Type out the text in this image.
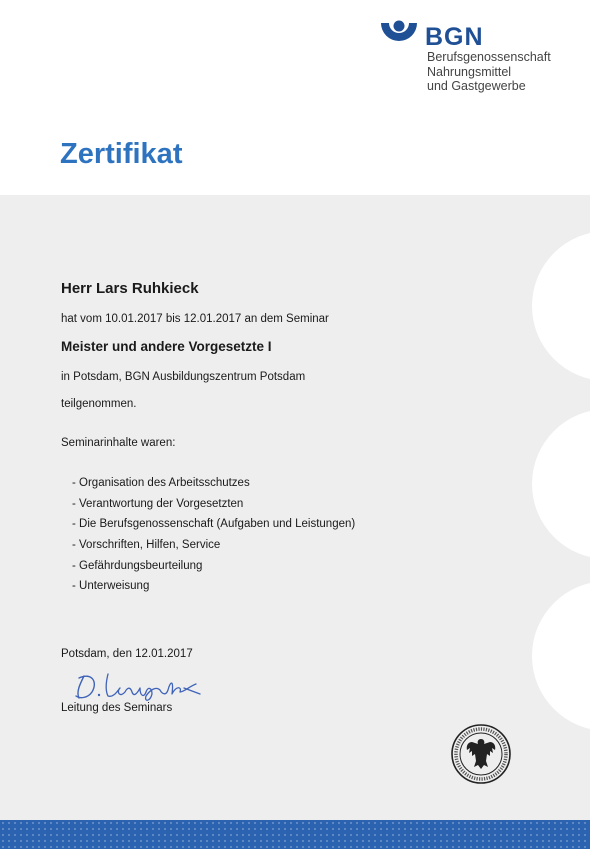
BGN
Berufsgenossenschaft
Nahrungsmittel
und Gastgewerbe
Zertifikat
Herr Lars Ruhkieck
hat vom 10.01.2017 bis 12.01.2017 an dem Seminar
Meister und andere Vorgesetzte I
in Potsdam, BGN Ausbildungszentrum Potsdam
teilgenommen.
Seminarinhalte waren:
- Organisation des Arbeitsschutzes
- Verantwortung der Vorgesetzten
- Die Berufsgenossenschaft (Aufgaben und Leistungen)
- Vorschriften, Hilfen, Service
- Gefährdungsbeurteilung
- Unterweisung
Potsdam, den 12.01.2017
Leitung des Seminars
